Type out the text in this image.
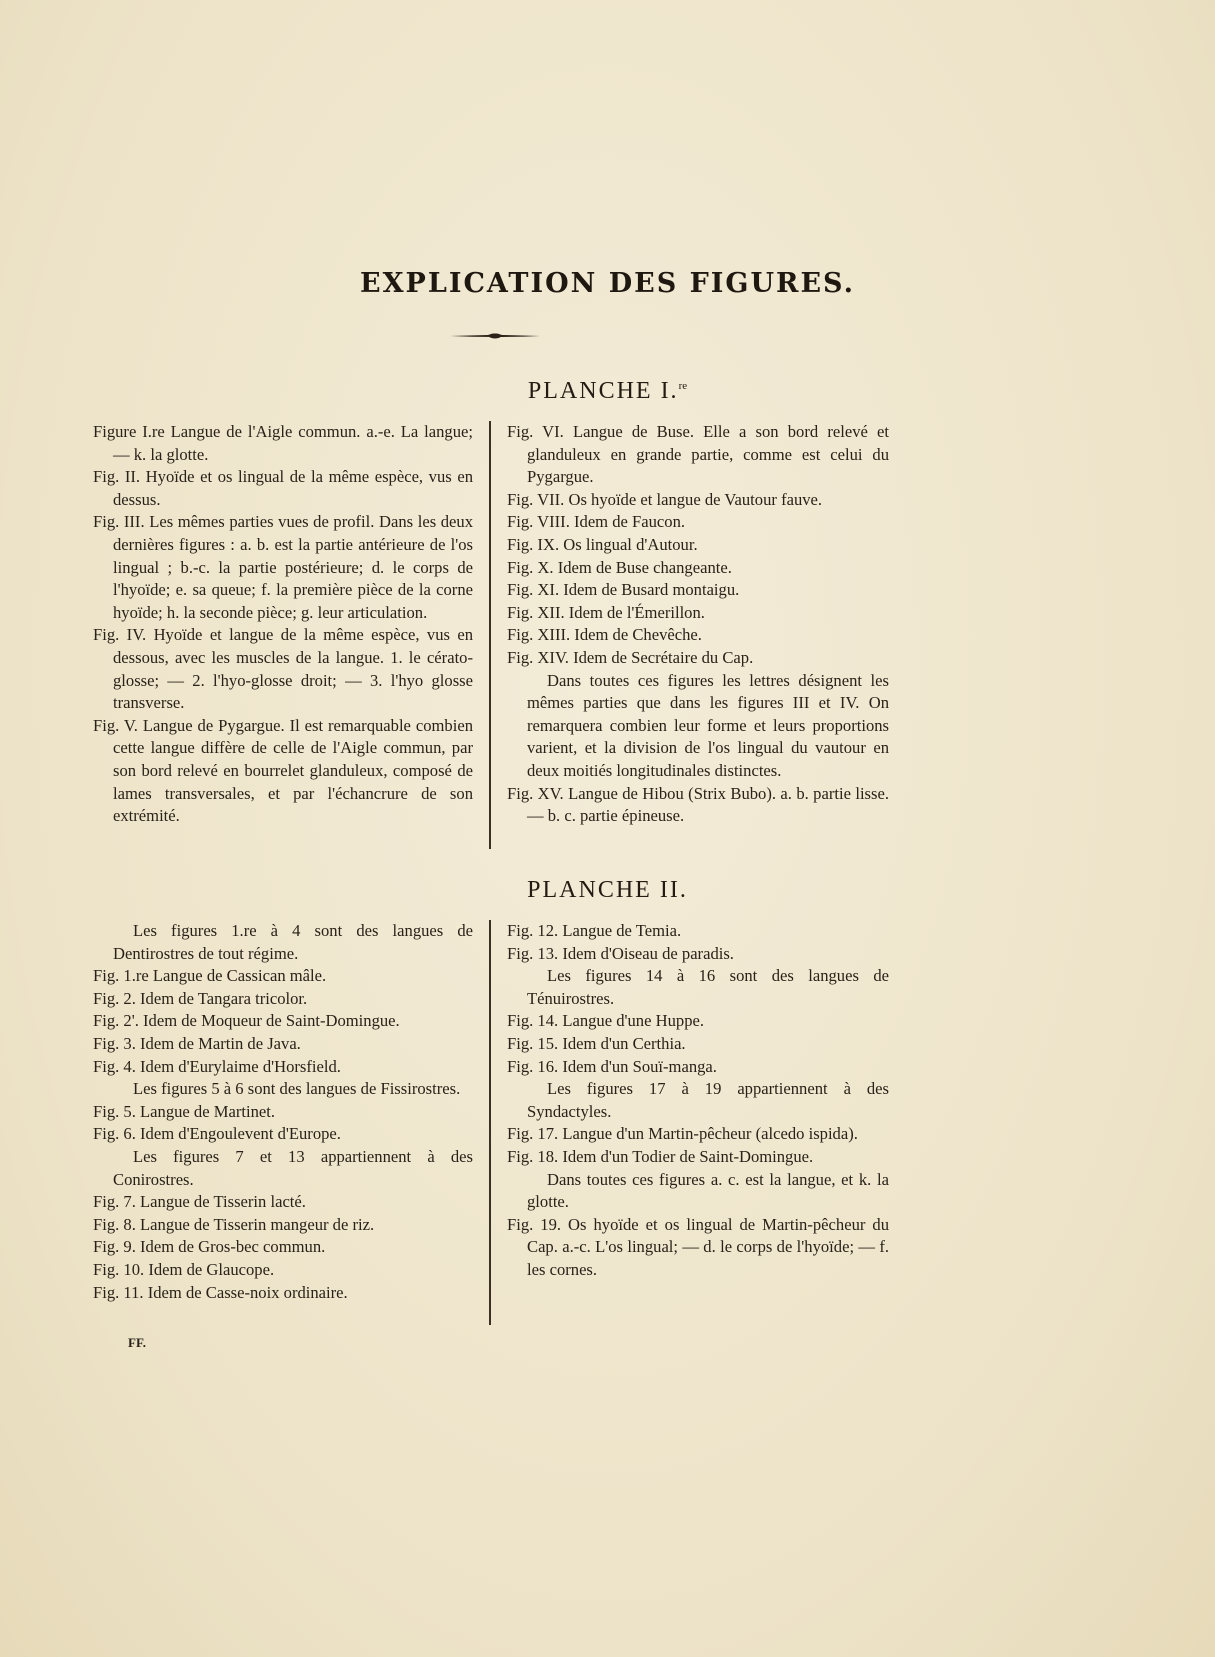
EXPLICATION DES FIGURES.
PLANCHE I.$^{re}$

Figure I.re Langue de l'Aigle commun. a.-e. La langue; — k. la glotte.

Fig. II. Hyoïde et os lingual de la même espèce, vus en dessus.

Fig. III. Les mêmes parties vues de profil. Dans les deux dernières figures : a. b. est la partie antérieure de l'os lingual ; b.-c. la partie postérieure; d. le corps de l'hyoïde; e. sa queue; f. la première pièce de la corne hyoïde; h. la seconde pièce; g. leur articulation.

Fig. IV. Hyoïde et langue de la même espèce, vus en dessous, avec les muscles de la langue. 1. le cérato-glosse; — 2. l'hyo-glosse droit; — 3. l'hyo glosse transverse.

Fig. V. Langue de Pygargue. Il est remarquable combien cette langue diffère de celle de l'Aigle commun, par son bord relevé en bourrelet glanduleux, composé de lames transversales, et par l'échancrure de son extrémité.

Fig. VI. Langue de Buse. Elle a son bord relevé et glanduleux en grande partie, comme est celui du Pygargue.

Fig. VII. Os hyoïde et langue de Vautour fauve.

Fig. VIII. Idem de Faucon.

Fig. IX. Os lingual d'Autour.

Fig. X. Idem de Buse changeante.

Fig. XI. Idem de Busard montaigu.

Fig. XII. Idem de l'Émerillon.

Fig. XIII. Idem de Chevêche.

Fig. XIV. Idem de Secrétaire du Cap.

Dans toutes ces figures les lettres désignent les mêmes parties que dans les figures III et IV. On remarquera combien leur forme et leurs proportions varient, et la division de l'os lingual du vautour en deux moitiés longitudinales distinctes.

Fig. XV. Langue de Hibou (Strix Bubo). a. b. partie lisse. — b. c. partie épineuse.

PLANCHE II.

Les figures 1.re à 4 sont des langues de Dentirostres de tout régime.

Fig. 1.re Langue de Cassican mâle.

Fig. 2. Idem de Tangara tricolor.

Fig. 2'. Idem de Moqueur de Saint-Domingue.

Fig. 3. Idem de Martin de Java.

Fig. 4. Idem d'Eurylaime d'Horsfield.

Les figures 5 à 6 sont des langues de Fissirostres.

Fig. 5. Langue de Martinet.

Fig. 6. Idem d'Engoulevent d'Europe.

Les figures 7 et 13 appartiennent à des Conirostres.

Fig. 7. Langue de Tisserin lacté.

Fig. 8. Langue de Tisserin mangeur de riz.

Fig. 9. Idem de Gros-bec commun.

Fig. 10. Idem de Glaucope.

Fig. 11. Idem de Casse-noix ordinaire.

Fig. 12. Langue de Temia.

Fig. 13. Idem d'Oiseau de paradis.

Les figures 14 à 16 sont des langues de Ténuirostres.

Fig. 14. Langue d'une Huppe.

Fig. 15. Idem d'un Certhia.

Fig. 16. Idem d'un Souï-manga.

Les figures 17 à 19 appartiennent à des Syndactyles.

Fig. 17. Langue d'un Martin-pêcheur (alcedo ispida).

Fig. 18. Idem d'un Todier de Saint-Domingue.

Dans toutes ces figures a. c. est la langue, et k. la glotte.

Fig. 19. Os hyoïde et os lingual de Martin-pêcheur du Cap. a.-c. L'os lingual; — d. le corps de l'hyoïde; — f. les cornes.

FF.
